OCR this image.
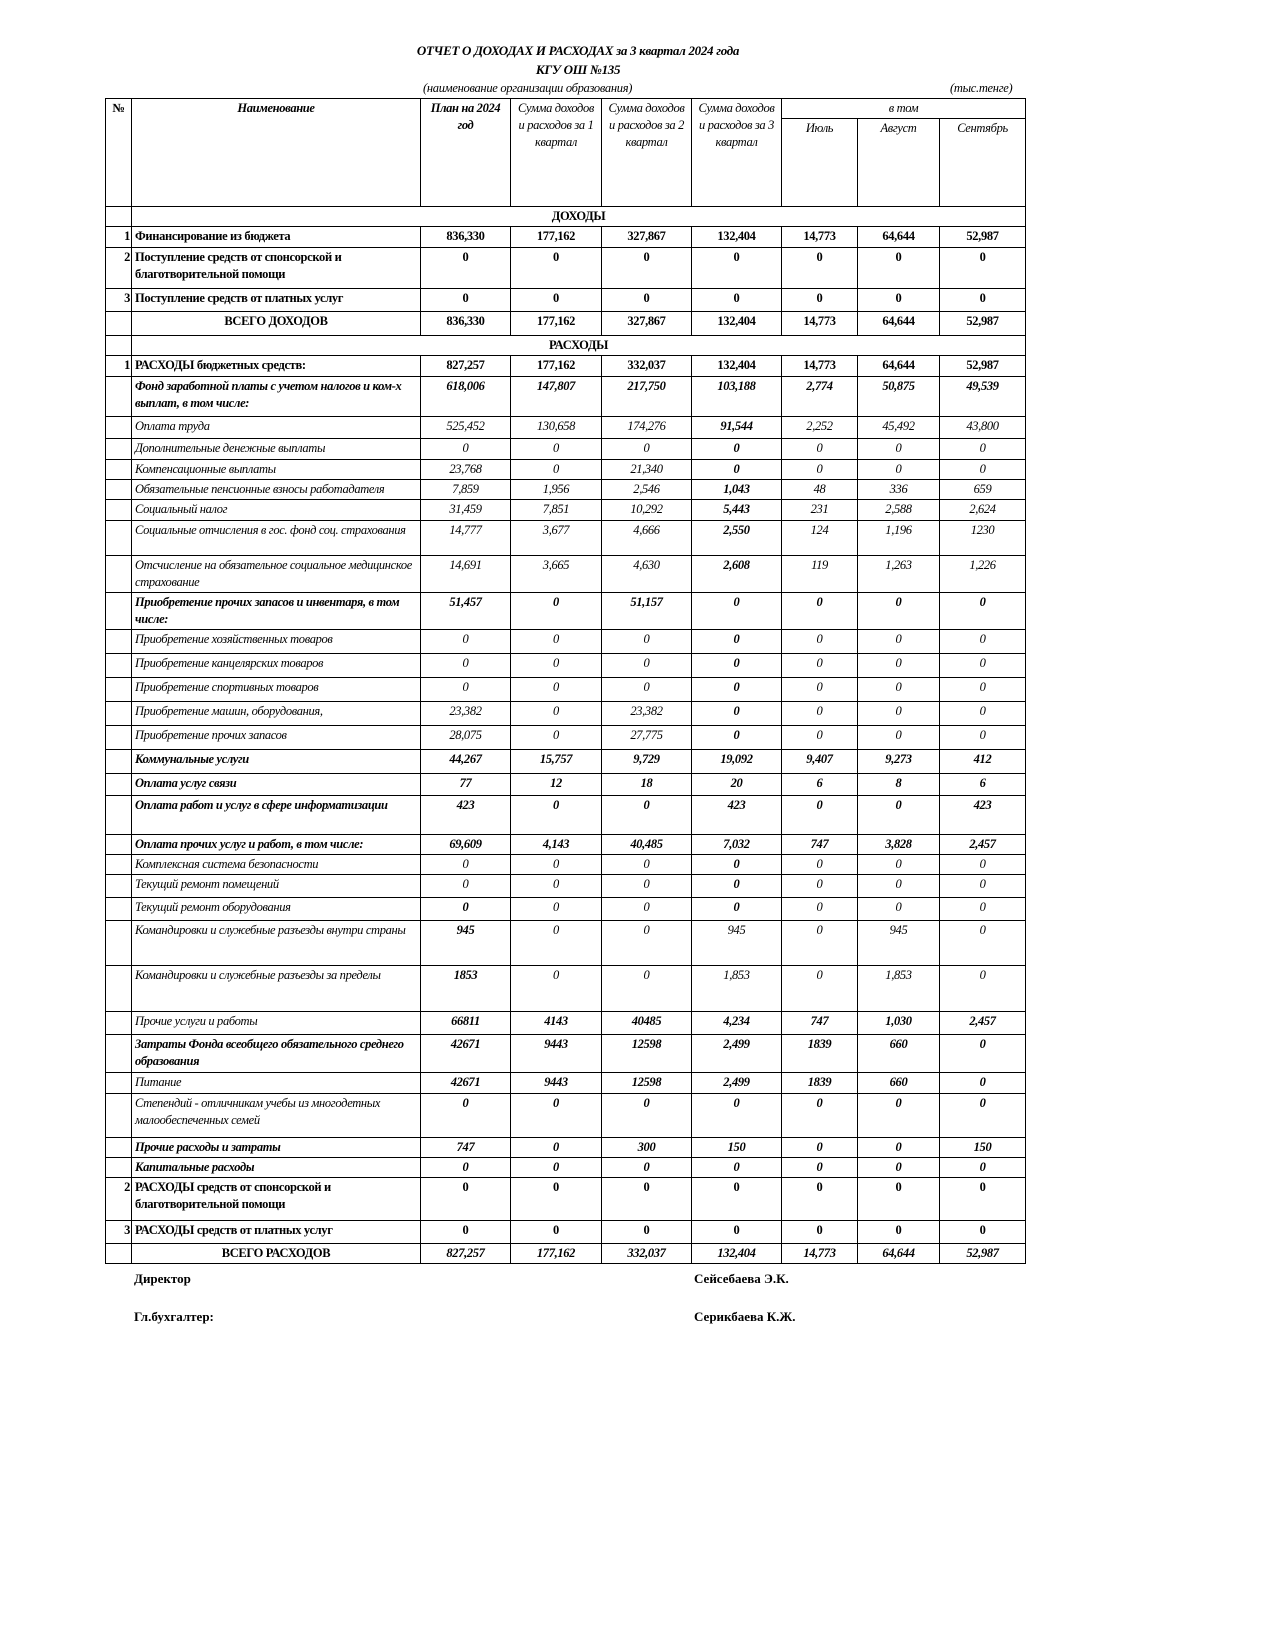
ОТЧЕТ О ДОХОДАХ И РАСХОДАХ за 3 квартал 2024 года
КГУ ОШ №135
(наименование организации образования)	(тыс.тенге)
№	Наименование	План на 2024 год	Сумма доходов и расходов за 1 квартал	Сумма доходов и расходов за 2 квартал	Сумма доходов и расходов за 3 квартал	в том		
						Июль	Август	Сентябрь
	ДОХОДЫ							
1	Финансирование из бюджета	836,330	177,162	327,867	132,404	14,773	64,644	52,987
2	Поступление средств от спонсорской и благотворительной помощи	0	0	0	0	0	0	0
3	Поступление средств от платных услуг	0	0	0	0	0	0	0
	ВСЕГО ДОХОДОВ	836,330	177,162	327,867	132,404	14,773	64,644	52,987
	РАСХОДЫ							
1	РАСХОДЫ бюджетных средств:	827,257	177,162	332,037	132,404	14,773	64,644	52,987
	Фонд заработной платы с учетом налогов и ком-х выплат, в том числе:	618,006	147,807	217,750	103,188	2,774	50,875	49,539
	Оплата труда	525,452	130,658	174,276	91,544	2,252	45,492	43,800
	Дополнительные денежные выплаты	0	0	0	0	0	0	0
	Компенсационные выплаты	23,768	0	21,340	0	0	0	0
	Обязательные пенсионные взносы работадателя	7,859	1,956	2,546	1,043	48	336	659
	Социальный налог	31,459	7,851	10,292	5,443	231	2,588	2,624
	Социальные отчисления в гос. фонд соц. страхования	14,777	3,677	4,666	2,550	124	1,196	1230
	Отсчисление на обязательное социальное медицинское страхование	14,691	3,665	4,630	2,608	119	1,263	1,226
	Приобретение прочих запасов и инвентаря, в том числе:	51,457	0	51,157	0	0	0	0
	Приобретение хозяйственных товаров	0	0	0	0	0	0	0
	Приобретение канцелярских товаров	0	0	0	0	0	0	0
	Приобретение спортивных товаров	0	0	0	0	0	0	0
	Приобретение машин, оборудования,	23,382	0	23,382	0	0	0	0
	Приобретение прочих запасов	28,075	0	27,775	0	0	0	0
	Коммунальные услуги	44,267	15,757	9,729	19,092	9,407	9,273	412
	Оплата услуг связи	77	12	18	20	6	8	6
	Оплата работ и услуг в сфере информатизации	423	0	0	423	0	0	423
	Оплата прочих услуг и работ, в том числе:	69,609	4,143	40,485	7,032	747	3,828	2,457
	Комплексная система безопасности	0	0	0	0	0	0	0
	Текущий ремонт помещений	0	0	0	0	0	0	0
	Текущий ремонт оборудования	0	0	0	0	0	0	0
	Командировки и служебные разъезды внутри страны	945	0	0	945	0	945	0
	Командировки и служебные разъезды за пределы	1853	0	0	1,853	0	1,853	0
	Прочие услуги и работы	66811	4143	40485	4,234	747	1,030	2,457
	Затраты Фонда всеобщего обязательного среднего образования	42671	9443	12598	2,499	1839	660	0
	Питание	42671	9443	12598	2,499	1839	660	0
	Степендий - отличникам учебы из многодетных малообеспеченных семей	0	0	0	0	0	0	0
	Прочие расходы и затраты	747	0	300	150	0	0	150
	Капитальные расходы	0	0	0	0	0	0	0
2	РАСХОДЫ средств от спонсорской и благотворительной помощи	0	0	0	0	0	0	0
3	РАСХОДЫ средств от платных услуг	0	0	0	0	0	0	0
	ВСЕГО РАСХОДОВ	827,257	177,162	332,037	132,404	14,773	64,644	52,987
Директор	Сейсебаева Э.К.
Гл.бухгалтер:	Серикбаева К.Ж.
